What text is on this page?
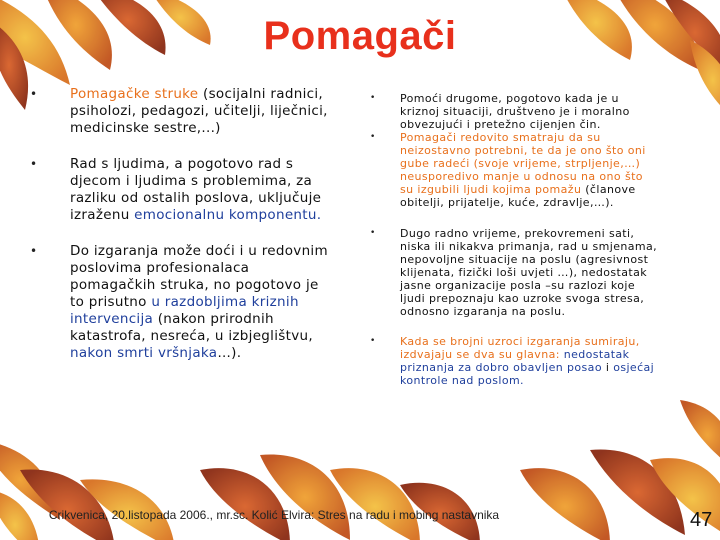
Pomagači
•	Pomagačke struke (socijalni radnici, psiholozi, pedagozi, učitelji, liječnici, medicinske sestre,...)
•	Rad s ljudima, a pogotovo rad s djecom i ljudima s problemima, za razliku od ostalih poslova, uključuje izraženu emocionalnu komponentu.
•	Do izgaranja može doći i u redovnim poslovima profesionalaca pomagačkih struka, no pogotovo je to prisutno u razdobljima kriznih intervencija (nakon prirodnih katastrofa, nesreća, u izbjeglištvu, nakon smrti vršnjaka…).
•	Pomoći drugome, pogotovo kada je u kriznoj situaciji, društveno je i moralno obvezujući i pretežno cijenjen čin.
•	Pomagači redovito smatraju da su neizostavno potrebni, te da je ono što oni gube radeći (svoje vrijeme, strpljenje,…) neusporedivo manje u odnosu na ono što su izgubili ljudi kojima pomažu (članove obitelji, prijatelje, kuće, zdravlje,…).
•	Dugo radno vrijeme, prekovremeni sati, niska ili nikakva primanja, rad u smjenama, nepovoljne situacije na poslu (agresivnost klijenata, fizički loši uvjeti …), nedostatak jasne organizacije posla –su razlozi koje ljudi prepoznaju kao uzroke svoga stresa, odnosno izgaranja na poslu.
•	Kada se brojni uzroci izgaranja sumiraju, izdvajaju se dva su glavna: nedostatak priznanja za dobro obavljen posao i osjećaj kontrole nad poslom.
Crikvenica, 20.listopada 2006., mr.sc. Kolić Elvira: Stres na radu i mobing nastavnika	47
